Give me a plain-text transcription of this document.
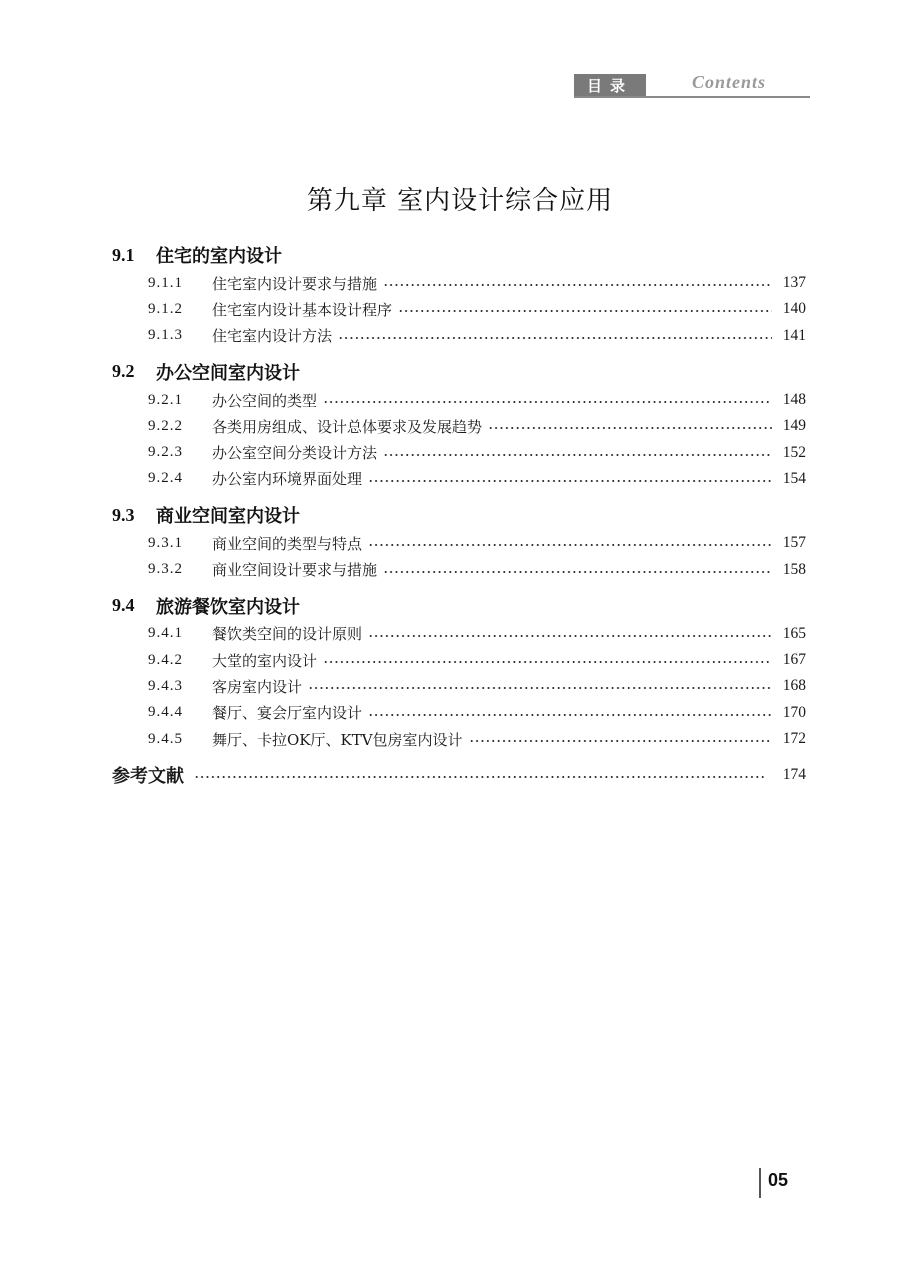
目录	Contents
第九章 室内设计综合应用
9.1	住宅的室内设计
9.1.1	住宅室内设计要求与措施	137
9.1.2	住宅室内设计基本设计程序	140
9.1.3	住宅室内设计方法	141
9.2	办公空间室内设计
9.2.1	办公空间的类型	148
9.2.2	各类用房组成、设计总体要求及发展趋势	149
9.2.3	办公室空间分类设计方法	152
9.2.4	办公室内环境界面处理	154
9.3	商业空间室内设计
9.3.1	商业空间的类型与特点	157
9.3.2	商业空间设计要求与措施	158
9.4	旅游餐饮室内设计
9.4.1	餐饮类空间的设计原则	165
9.4.2	大堂的室内设计	167
9.4.3	客房室内设计	168
9.4.4	餐厅、宴会厅室内设计	170
9.4.5	舞厅、卡拉OK厅、KTV包房室内设计	172
参考文献	174
05
